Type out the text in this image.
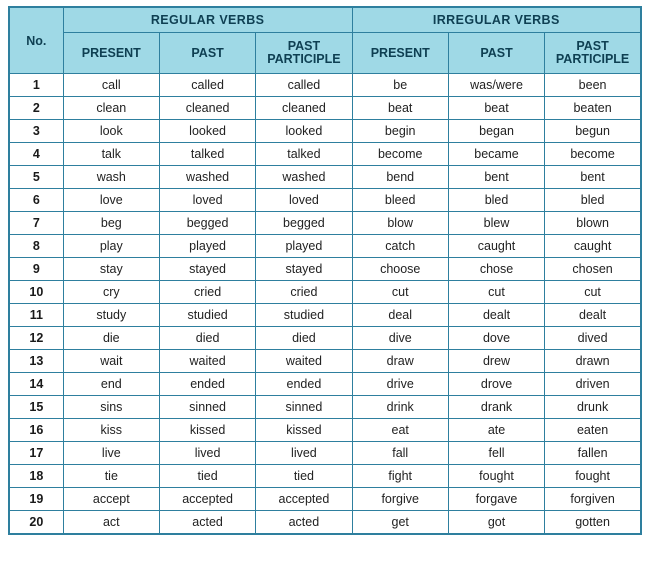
No.	REGULAR VERBS			IRREGULAR VERBS		
	PRESENT	PAST	PAST PARTICIPLE	PRESENT	PAST	PAST PARTICIPLE
1	call	called	called	be	was/were	been
2	clean	cleaned	cleaned	beat	beat	beaten
3	look	looked	looked	begin	began	begun
4	talk	talked	talked	become	became	become
5	wash	washed	washed	bend	bent	bent
6	love	loved	loved	bleed	bled	bled
7	beg	begged	begged	blow	blew	blown
8	play	played	played	catch	caught	caught
9	stay	stayed	stayed	choose	chose	chosen
10	cry	cried	cried	cut	cut	cut
11	study	studied	studied	deal	dealt	dealt
12	die	died	died	dive	dove	dived
13	wait	waited	waited	draw	drew	drawn
14	end	ended	ended	drive	drove	driven
15	sins	sinned	sinned	drink	drank	drunk
16	kiss	kissed	kissed	eat	ate	eaten
17	live	lived	lived	fall	fell	fallen
18	tie	tied	tied	fight	fought	fought
19	accept	accepted	accepted	forgive	forgave	forgiven
20	act	acted	acted	get	got	gotten
